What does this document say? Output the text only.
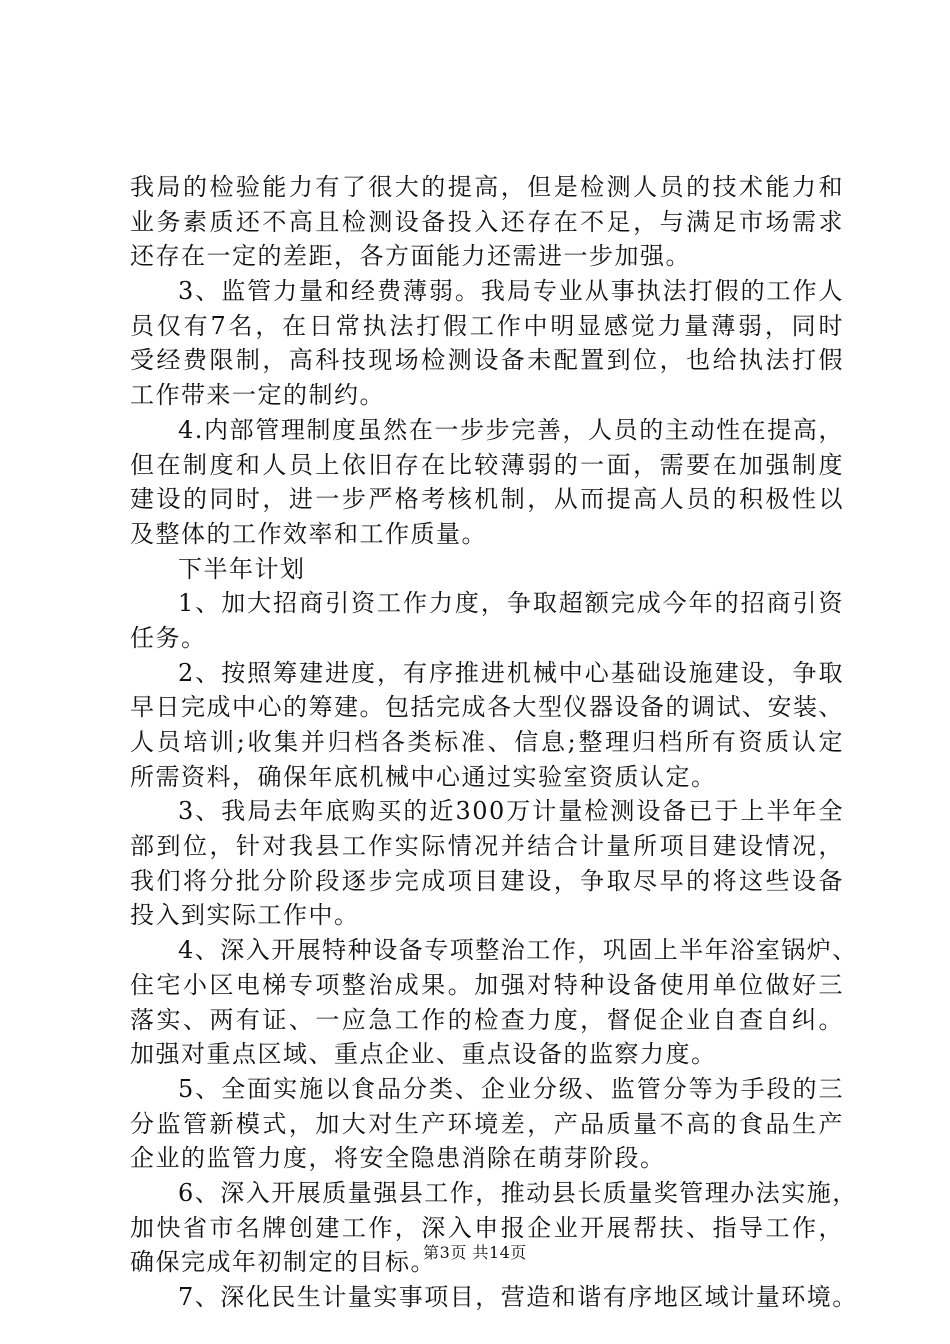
我局的检验能力有了很大的提高，但是检测人员的技术能力和
业务素质还不高且检测设备投入还存在不足，与满足市场需求
还存在一定的差距，各方面能力还需进一步加强。
3、监管力量和经费薄弱。我局专业从事执法打假的工作人
员仅有7名，在日常执法打假工作中明显感觉力量薄弱，同时
受经费限制，高科技现场检测设备未配置到位，也给执法打假
工作带来一定的制约。
4.内部管理制度虽然在一步步完善，人员的主动性在提高，
但在制度和人员上依旧存在比较薄弱的一面，需要在加强制度
建设的同时，进一步严格考核机制，从而提高人员的积极性以
及整体的工作效率和工作质量。
下半年计划
1、加大招商引资工作力度，争取超额完成今年的招商引资
任务。
2、按照筹建进度，有序推进机械中心基础设施建设，争取
早日完成中心的筹建。包括完成各大型仪器设备的调试、安装、
人员培训;收集并归档各类标准、信息;整理归档所有资质认定
所需资料，确保年底机械中心通过实验室资质认定。
3、我局去年底购买的近300万计量检测设备已于上半年全
部到位，针对我县工作实际情况并结合计量所项目建设情况，
我们将分批分阶段逐步完成项目建设，争取尽早的将这些设备
投入到实际工作中。
4、深入开展特种设备专项整治工作，巩固上半年浴室锅炉、
住宅小区电梯专项整治成果。加强对特种设备使用单位做好三
落实、两有证、一应急工作的检查力度，督促企业自查自纠。
加强对重点区域、重点企业、重点设备的监察力度。
5、全面实施以食品分类、企业分级、监管分等为手段的三
分监管新模式，加大对生产环境差，产品质量不高的食品生产
企业的监管力度，将安全隐患消除在萌芽阶段。
6、深入开展质量强县工作，推动县长质量奖管理办法实施，
加快省市名牌创建工作，深入申报企业开展帮扶、指导工作，
确保完成年初制定的目标。
7、深化民生计量实事项目，营造和谐有序地区域计量环境。
第3页 共14页
